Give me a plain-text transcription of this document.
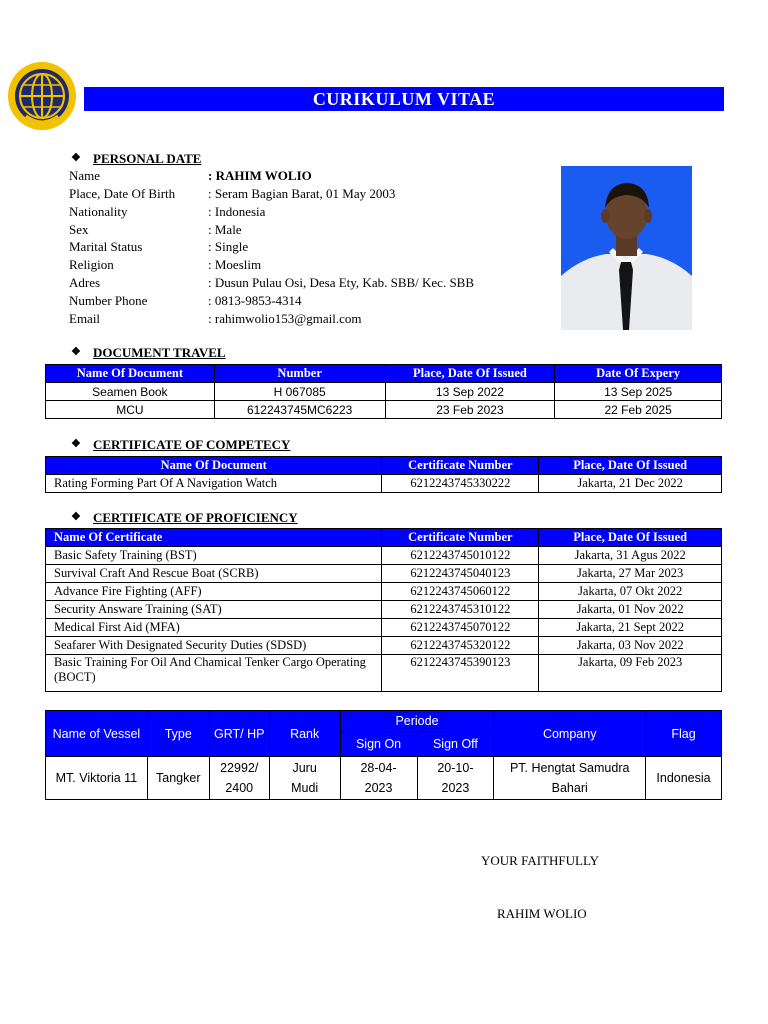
CURIKULUM VITAE
❖ PERSONAL DATE
Name	: RAHIM WOLIO
Place, Date Of Birth	: Seram Bagian Barat, 01 May 2003
Nationality	: Indonesia
Sex	: Male
Marital Status	: Single
Religion	: Moeslim
Adres	: Dusun Pulau Osi, Desa Ety, Kab. SBB/ Kec. SBB
Number Phone	: 0813-9853-4314
Email	: rahimwolio153@gmail.com
❖ DOCUMENT TRAVEL
Name Of Document	Number	Place, Date Of Issued	Date Of Expery
Seamen Book	H 067085	13 Sep 2022	13 Sep 2025
MCU	612243745MC6223	23 Feb 2023	22 Feb 2025
❖ CERTIFICATE OF COMPETECY
Name Of Document	Certificate Number	Place, Date Of Issued
Rating Forming Part Of A Navigation Watch	6212243745330222	Jakarta, 21 Dec 2022
❖ CERTIFICATE OF PROFICIENCY
Name Of Certificate	Certificate Number	Place, Date Of Issued
Basic Safety Training (BST)	6212243745010122	Jakarta, 31 Agus 2022
Survival Craft And Rescue Boat (SCRB)	6212243745040123	Jakarta, 27 Mar 2023
Advance Fire Fighting (AFF)	6212243745060122	Jakarta, 07 Okt 2022
Security Answare Training (SAT)	6212243745310122	Jakarta, 01 Nov 2022
Medical First Aid (MFA)	6212243745070122	Jakarta, 21 Sept 2022
Seafarer With Designated Security Duties (SDSD)	6212243745320122	Jakarta, 03 Nov 2022
Basic Training For Oil And Chamical Tenker Cargo Operating (BOCT)	6212243745390123	Jakarta, 09 Feb 2023
Name of Vessel	Type	GRT/ HP	Rank	Periode		Company	Flag
				Sign On	Sign Off		
MT. Viktoria 11	Tangker	22992/ 2400	Juru Mudi	28-04-2023	20-10-2023	PT. Hengtat Samudra Bahari	Indonesia
YOUR FAITHFULLY
RAHIM WOLIO
